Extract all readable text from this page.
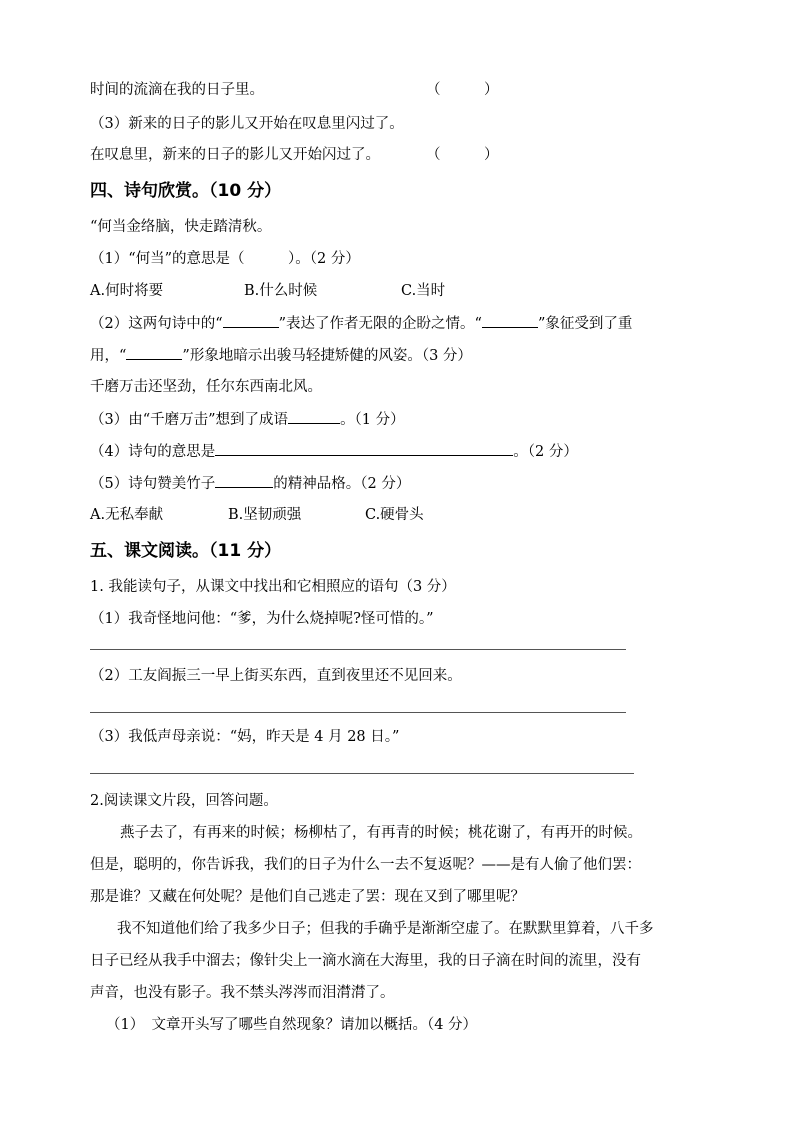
时间的流滴在我的日子里。	（　　　）
（3）新来的日子的影儿又开始在叹息里闪过了。
在叹息里，新来的日子的影儿又开始闪过了。	（　　　）
四、诗句欣赏。（10 分）
“何当金络脑，快走踏清秋。
（1）“何当”的意思是（　　　）。（2 分）
A.何时将要	B.什么时候	C.当时
（2）这两句诗中的“	”表达了作者无限的企盼之情。“	”象征受到了重
用，“	”形象地暗示出骏马轻捷矫健的风姿。（3 分）
千磨万击还坚劲，任尔东西南北风。
（3）由“千磨万击”想到了成语	。（1 分）
（4）诗句的意思是	。（2 分）
（5）诗句赞美竹子	的精神品格。（2 分）
A.无私奉献	B.坚韧顽强	C.硬骨头
五、课文阅读。（11 分）
1. 我能读句子，从课文中找出和它相照应的语句（3 分）
（1）我奇怪地问他：“爹，为什么烧掉呢?怪可惜的。”
（2）工友阎振三一早上街买东西，直到夜里还不见回来。
（3）我低声母亲说：“妈，昨天是 4 月 28 日。”
2.阅读课文片段，回答问题。
燕子去了，有再来的时候；杨柳枯了，有再青的时候；桃花谢了，有再开的时候。
但是，聪明的，你告诉我，我们的日子为什么一去不复返呢？——是有人偷了他们罢：
那是谁？又藏在何处呢？是他们自己逃走了罢：现在又到了哪里呢？
我不知道他们给了我多少日子；但我的手确乎是渐渐空虚了。在默默里算着，八千多
日子已经从我手中溜去；像针尖上一滴水滴在大海里，我的日子滴在时间的流里，没有
声音，也没有影子。我不禁头涔涔而泪潸潸了。
（1）　文章开头写了哪些自然现象？请加以概括。（4 分）
